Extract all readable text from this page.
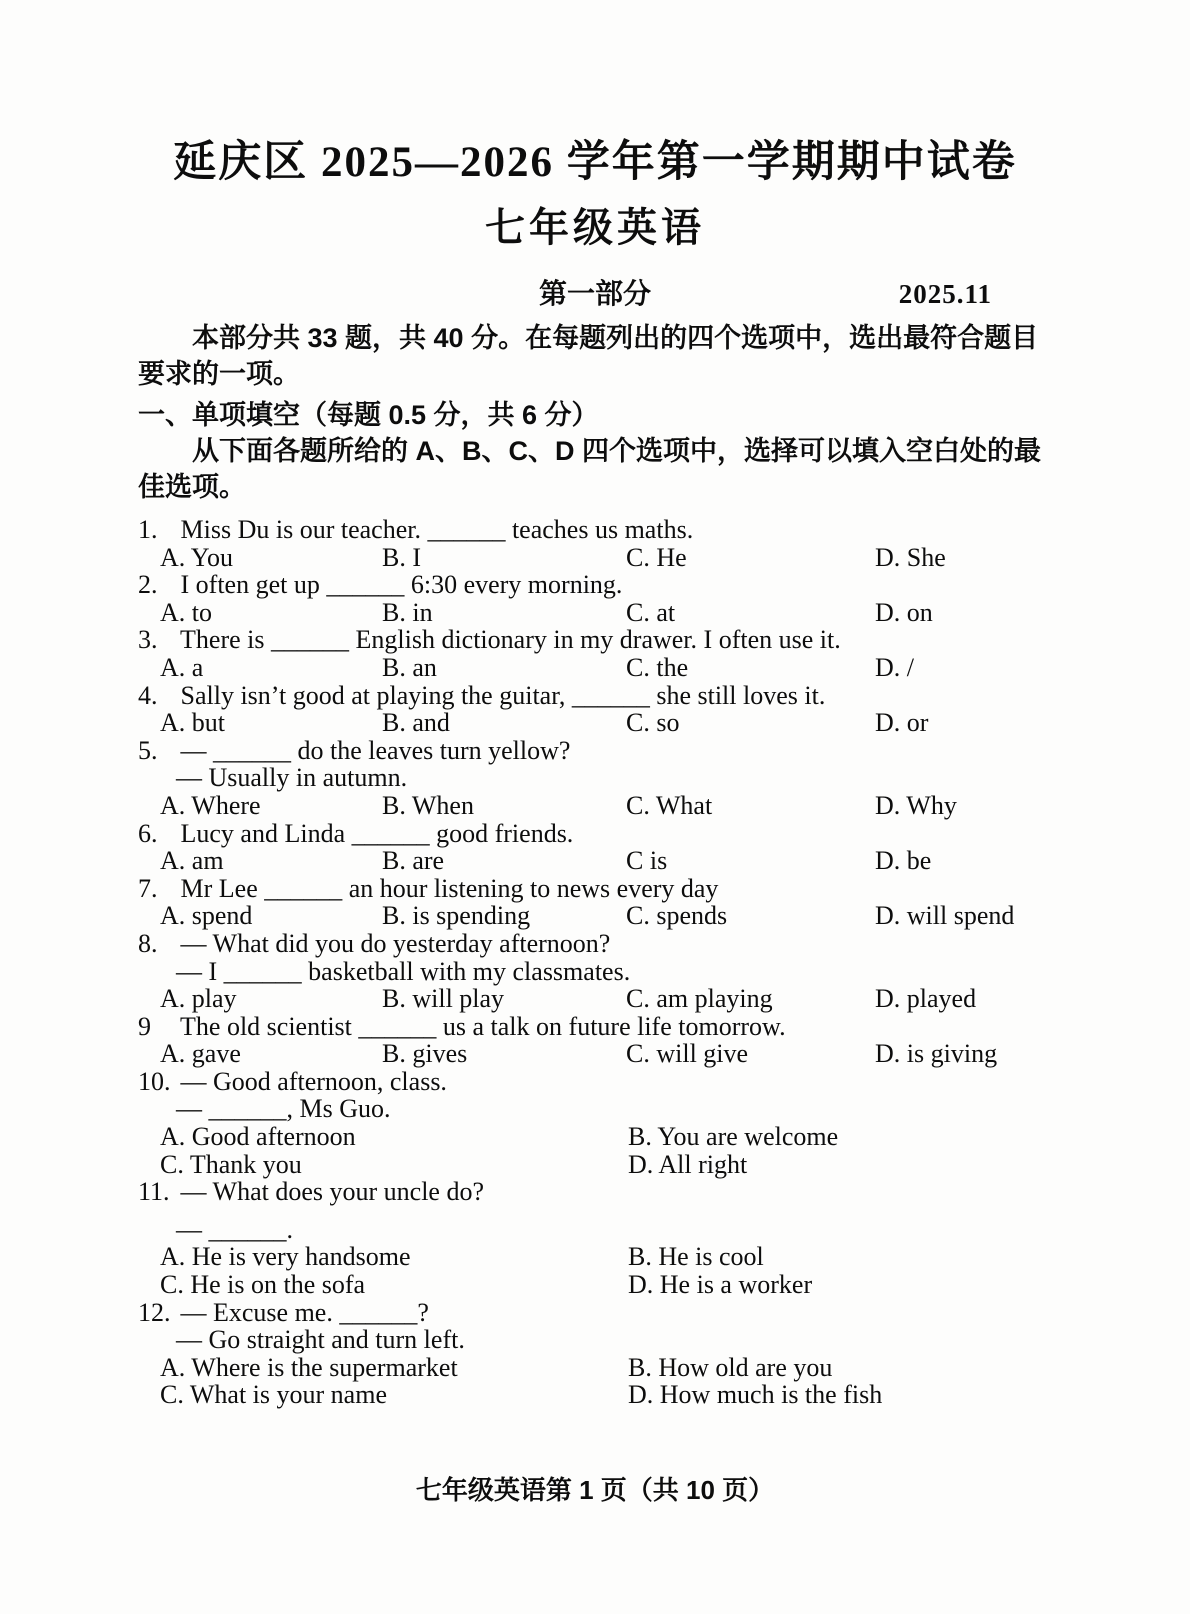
延庆区 2025—2026 学年第一学期期中试卷
七年级英语
第一部分	2025.11

本部分共 33 题，共 40 分。在每题列出的四个选项中，选出最符合题目要求的一项。

一、单项填空（每题 0.5 分，共 6 分）

从下面各题所给的 A、B、C、D 四个选项中，选择可以填入空白处的最佳选项。

1. Miss Du is our teacher. ______ teaches us maths.
A. You	B. I	C. He	D. She
2. I often get up ______ 6:30 every morning.
A. to	B. in	C. at	D. on
3. There is ______ English dictionary in my drawer. I often use it.
A. a	B. an	C. the	D. /
4. Sally isn’t good at playing the guitar, ______ she still loves it.
A. but	B. and	C. so	D. or
5. — ______ do the leaves turn yellow?
— Usually in autumn.
A. Where	B. When	C. What	D. Why
6. Lucy and Linda ______ good friends.
A. am	B. are	C is	D. be
7. Mr Lee ______ an hour listening to news every day
A. spend	B. is spending	C. spends	D. will spend
8. — What did you do yesterday afternoon?
— I ______ basketball with my classmates.
A. play	B. will play	C. am playing	D. played
9 The old scientist ______ us a talk on future life tomorrow.
A. gave	B. gives	C. will give	D. is giving
10. — Good afternoon, class.
— ______, Ms Guo.
A. Good afternoon	B. You are welcome
C. Thank you	D. All right
11. — What does your uncle do?
— ______.
A. He is very handsome	B. He is cool
C. He is on the sofa	D. He is a worker
12. — Excuse me. ______?
— Go straight and turn left.
A. Where is the supermarket	B. How old are you
C. What is your name	D. How much is the fish
七年级英语第 1 页（共 10 页）
